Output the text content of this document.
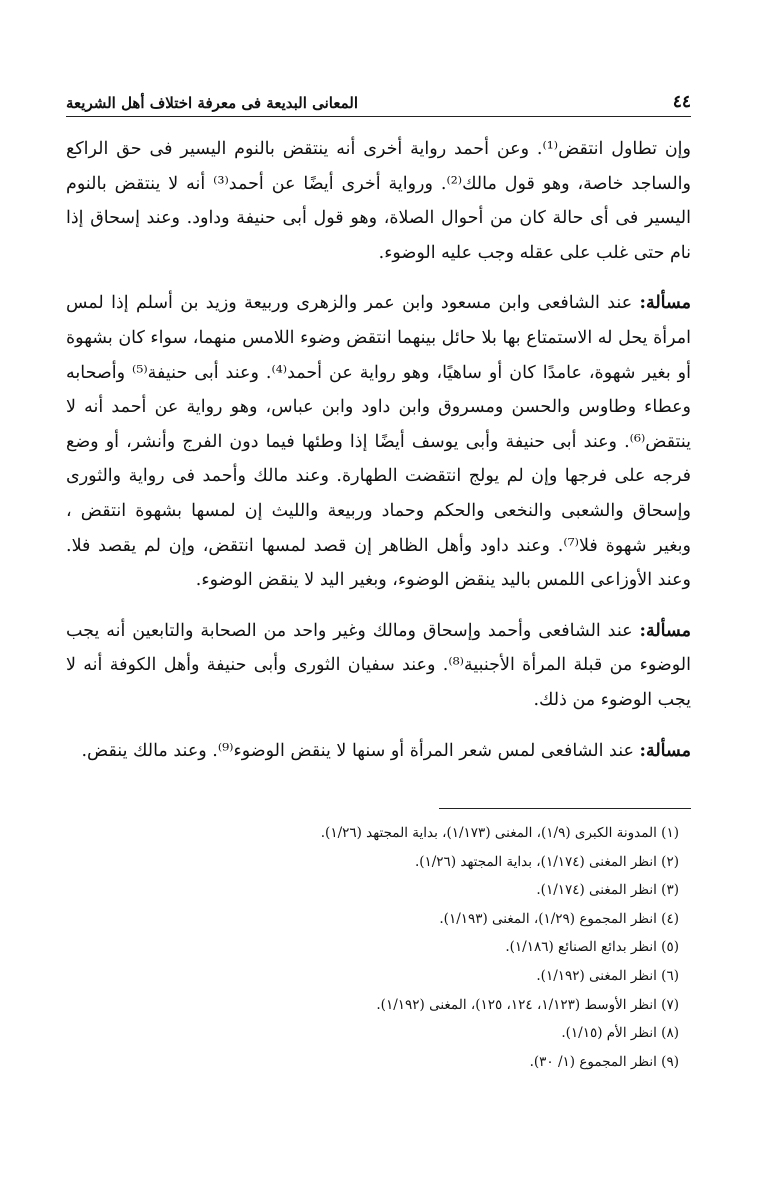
٤٤
المعانى البديعة فى معرفة اختلاف أهل الشريعة

وإن تطاول انتقض⁽¹⁾. وعن أحمد رواية أخرى أنه ينتقض بالنوم اليسير فى حق الراكع والساجد خاصة، وهو قول مالك⁽²⁾. ورواية أخرى أيضًا عن أحمد⁽³⁾ أنه لا ينتقض بالنوم اليسير فى أى حالة كان من أحوال الصلاة، وهو قول أبى حنيفة وداود. وعند إسحاق إذا نام حتى غلب على عقله وجب عليه الوضوء.

مسألة: عند الشافعى وابن مسعود وابن عمر والزهرى وربيعة وزيد بن أسلم إذا لمس امرأة يحل له الاستمتاع بها بلا حائل بينهما انتقض وضوء اللامس منهما، سواء كان بشهوة أو بغير شهوة، عامدًا كان أو ساهيًا، وهو رواية عن أحمد⁽⁴⁾. وعند أبى حنيفة⁽⁵⁾ وأصحابه وعطاء وطاوس والحسن ومسروق وابن داود وابن عباس، وهو رواية عن أحمد أنه لا ينتقض⁽⁶⁾. وعند أبى حنيفة وأبى يوسف أيضًا إذا وطئها فيما دون الفرج وأنشر، أو وضع فرجه على فرجها وإن لم يولج انتقضت الطهارة. وعند مالك وأحمد فى رواية والثورى وإسحاق والشعبى والنخعى والحكم وحماد وربيعة والليث إن لمسها بشهوة انتقض ، وبغير شهوة فلا⁽⁷⁾. وعند داود وأهل الظاهر إن قصد لمسها انتقض، وإن لم يقصد فلا. وعند الأوزاعى اللمس باليد ينقض الوضوء، وبغير اليد لا ينقض الوضوء.

مسألة: عند الشافعى وأحمد وإسحاق ومالك وغير واحد من الصحابة والتابعين أنه يجب الوضوء من قبلة المرأة الأجنبية⁽⁸⁾. وعند سفيان الثورى وأبى حنيفة وأهل الكوفة أنه لا يجب الوضوء من ذلك.

مسألة: عند الشافعى لمس شعر المرأة أو سنها لا ينقض الوضوء⁽⁹⁾. وعند مالك ينقض.

(١) المدونة الكبرى (١/٩)، المغنى (١/١٧٣)، بداية المجتهد (١/٢٦).
(٢) انظر المغنى (١/١٧٤)، بداية المجتهد (١/٢٦).
(٣) انظر المغنى (١/١٧٤).
(٤) انظر المجموع (١/٢٩)، المغنى (١/١٩٣).
(٥) انظر بدائع الصنائع (١/١٨٦).
(٦) انظر المغنى (١/١٩٢).
(٧) انظر الأوسط (١/١٢٣، ١٢٤، ١٢٥)، المغنى (١/١٩٢).
(٨) انظر الأم (١/١٥).
(٩) انظر المجموع (١/ ٣٠).
